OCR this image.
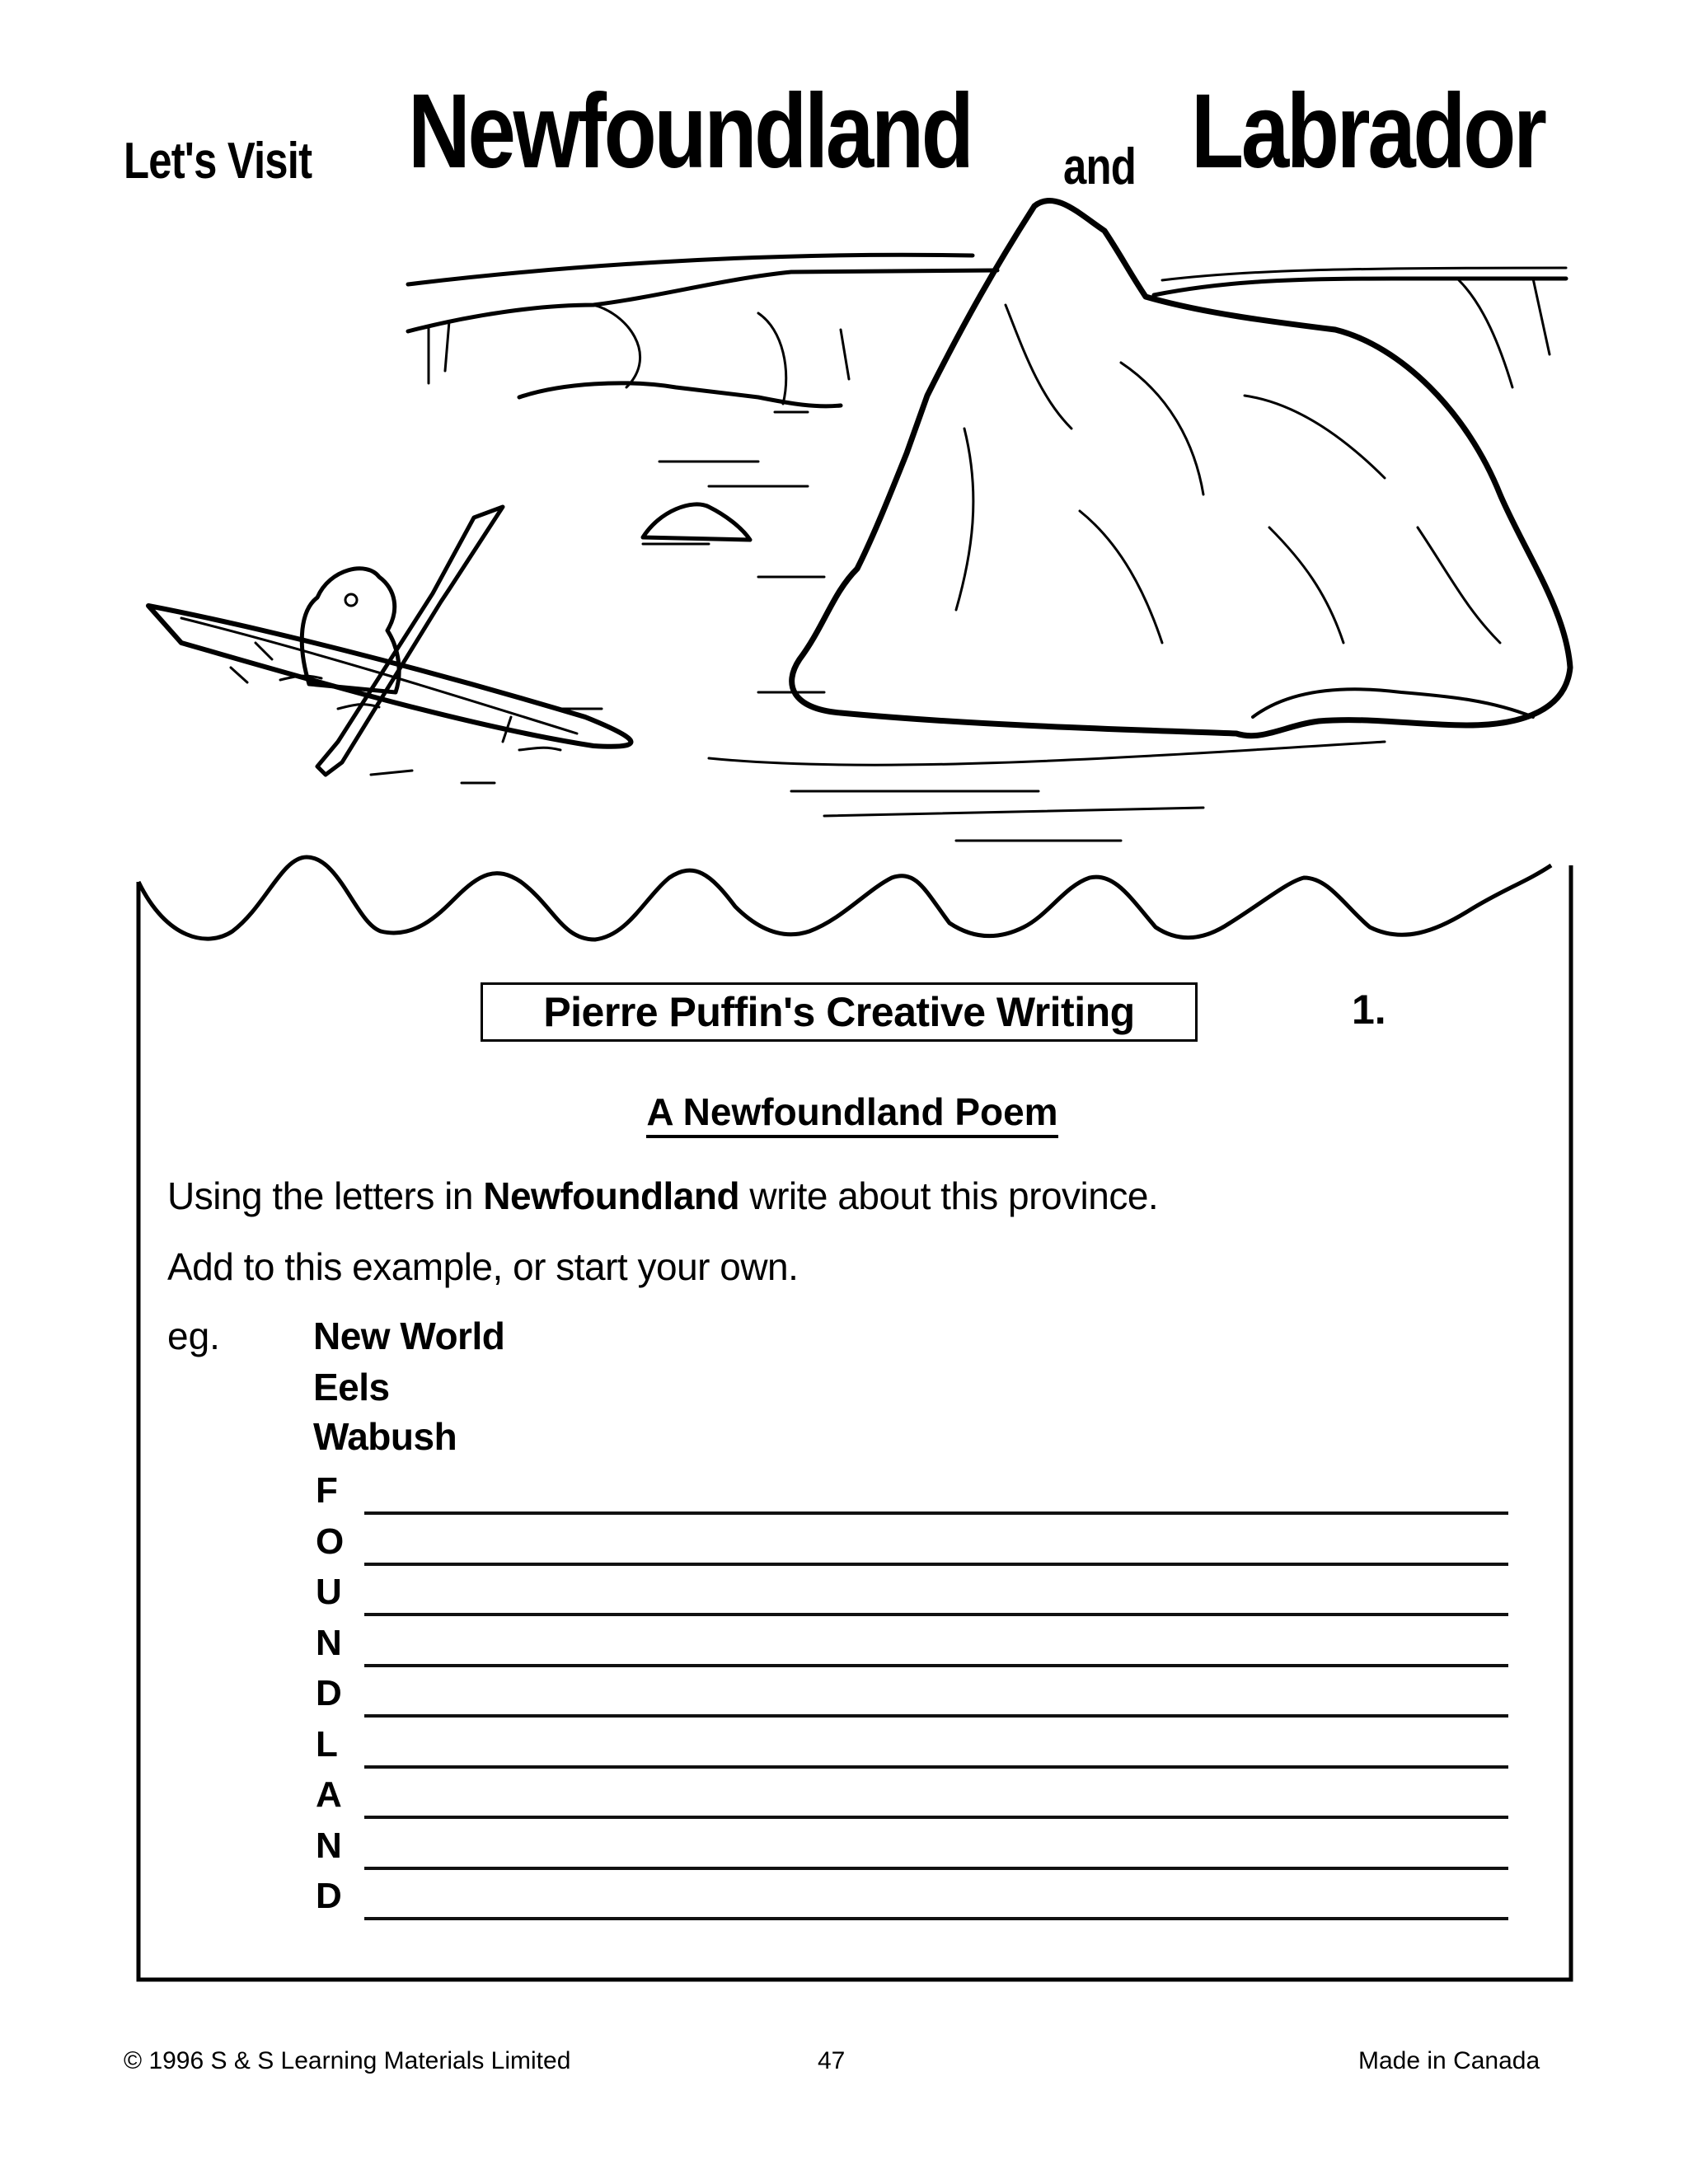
Let's Visit Newfoundland and Labrador
Pierre Puffin's Creative Writing	1.
A Newfoundland Poem
Using the letters in Newfoundland write about this province.
Add to this example, or start your own.
eg. New World
Eels
Wabush
F
O
U
N
D
L
A
N
D
© 1996 S & S Learning Materials Limited	47	Made in Canada
